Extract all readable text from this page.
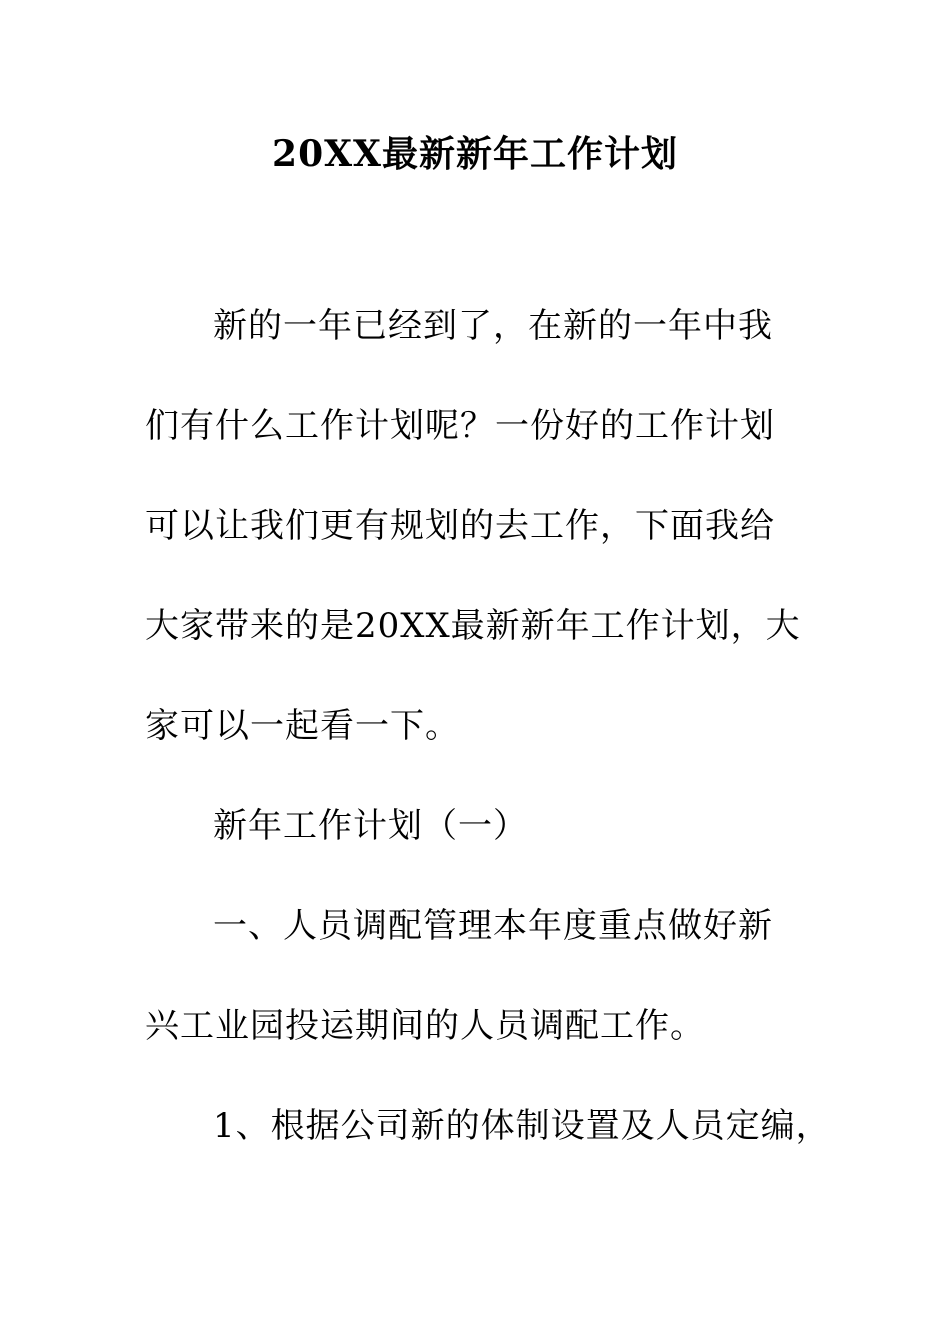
20XX最新新年工作计划
新的一年已经到了，在新的一年中我
们有什么工作计划呢？一份好的工作计划
可以让我们更有规划的去工作，下面我给
大家带来的是20XX最新新年工作计划，大
家可以一起看一下。
新年工作计划（一）
一、人员调配管理本年度重点做好新
兴工业园投运期间的人员调配工作。
1、根据公司新的体制设置及人员定编，
